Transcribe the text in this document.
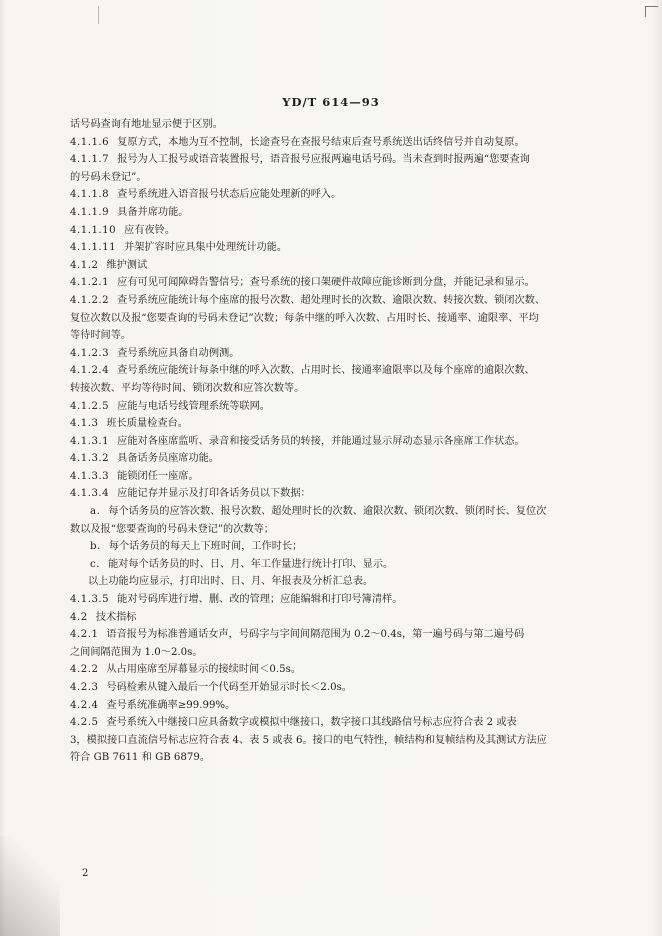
YD/T 614—93
话号码查询有地址显示便于区别。
4.1.1.6 复原方式，本地为互不控制，长途查号在查报号结束后查号系统送出话终信号并自动复原。
4.1.1.7 报号为人工报号或语音装置报号，语音报号应报两遍电话号码。当未查到时报两遍“您要查询
的号码未登记”。
4.1.1.8 查号系统进入语音报号状态后应能处理新的呼入。
4.1.1.9 具备并席功能。
4.1.1.10 应有夜铃。
4.1.1.11 并架扩容时应具集中处理统计功能。
4.1.2 维护测试
4.1.2.1 应有可见可闻障碍告警信号；查号系统的接口架硬件故障应能诊断到分盘，并能记录和显示。
4.1.2.2 查号系统应能统计每个座席的报号次数、超处理时长的次数、逾限次数、转接次数、锁闭次数、
复位次数以及报“您要查询的号码未登记”次数；每条中继的呼入次数、占用时长、接通率、逾限率、平均
等待时间等。
4.1.2.3 查号系统应具备自动例测。
4.1.2.4 查号系统应能统计每条中继的呼入次数、占用时长、接通率逾限率以及每个座席的逾限次数、
转接次数、平均等待时间、锁闭次数和应答次数等。
4.1.2.5 应能与电话号线管理系统等联网。
4.1.3 班长质量检查台。
4.1.3.1 应能对各座席监听、录音和接受话务员的转接，并能通过显示屏动态显示各座席工作状态。
4.1.3.2 具备话务员座席功能。
4.1.3.3 能锁闭任一座席。
4.1.3.4 应能记存并显示及打印各话务员以下数据：
a. 每个话务员的应答次数、报号次数、超处理时长的次数、逾限次数、锁闭次数、锁闭时长、复位次
数以及报“您要查询的号码未登记”的次数等；
b. 每个话务员的每天上下班时间，工作时长；
c. 能对每个话务员的时、日、月、年工作量进行统计打印、显示。
以上功能均应显示，打印出时、日、月、年报表及分析汇总表。
4.1.3.5 能对号码库进行增、删、改的管理；应能编辑和打印号簿清样。
4.2 技术指标
4.2.1 语音报号为标准普通话女声，号码字与字间间隔范围为 0.2～0.4s，第一遍号码与第二遍号码
之间间隔范围为 1.0～2.0s。
4.2.2 从占用座席至屏幕显示的接续时间＜0.5s。
4.2.3 号码检索从键入最后一个代码至开始显示时长＜2.0s。
4.2.4 查号系统准确率≥99.99%。
4.2.5 查号系统入中继接口应具备数字或模拟中继接口，数字接口其线路信号标志应符合表 2 或表
3，模拟接口直流信号标志应符合表 4、表 5 或表 6。接口的电气特性，帧结构和复帧结构及其测试方法应
符合 GB 7611 和 GB 6879。
2
